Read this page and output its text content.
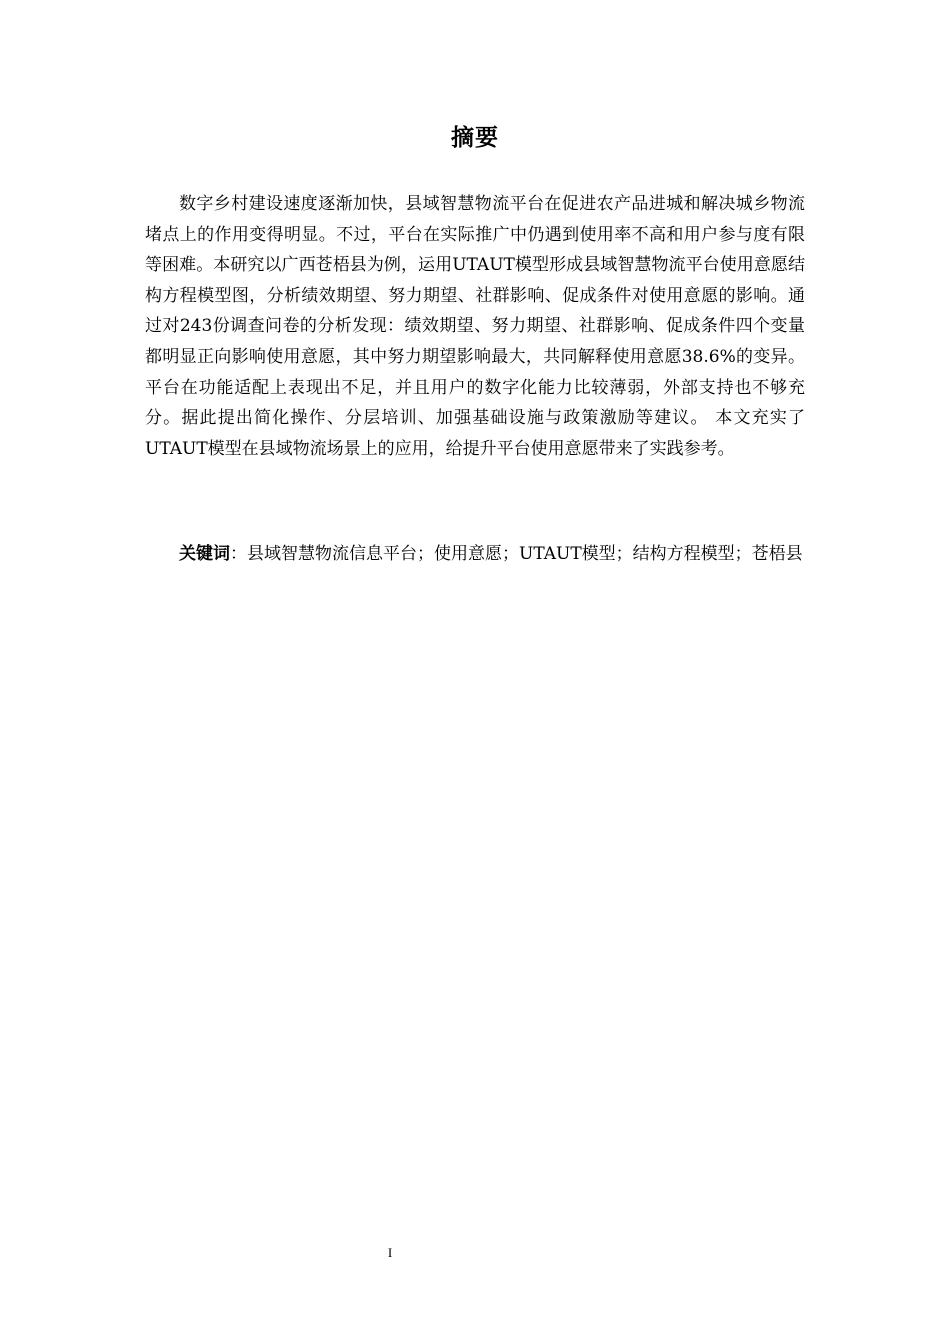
摘要

数字乡村建设速度逐渐加快，县域智慧物流平台在促进农产品进城和解决城乡物流堵点上的作用变得明显。不过，平台在实际推广中仍遇到使用率不高和用户参与度有限等困难。本研究以广西苍梧县为例，运用UTAUT模型形成县域智慧物流平台使用意愿结构方程模型图，分析绩效期望、努力期望、社群影响、促成条件对使用意愿的影响。通过对243份调查问卷的分析发现：绩效期望、努力期望、社群影响、促成条件四个变量都明显正向影响使用意愿，其中努力期望影响最大，共同解释使用意愿38.6%的变异。平台在功能适配上表现出不足，并且用户的数字化能力比较薄弱，外部支持也不够充分。据此提出简化操作、分层培训、加强基础设施与政策激励等建议。 本文充实了UTAUT模型在县域物流场景上的应用，给提升平台使用意愿带来了实践参考。

关键词：县域智慧物流信息平台；使用意愿；UTAUT模型；结构方程模型；苍梧县

I
